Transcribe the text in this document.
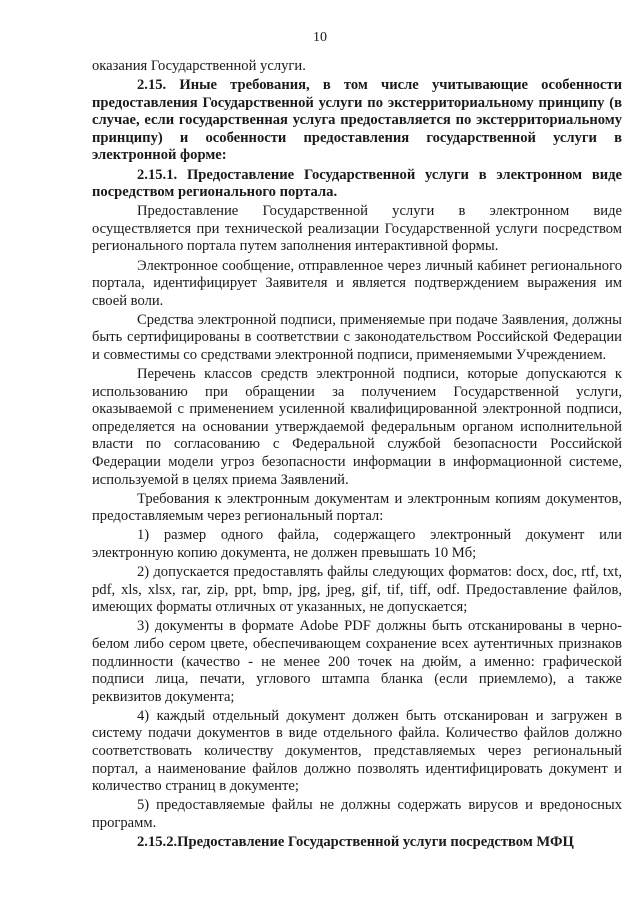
10

оказания Государственной услуги.

2.15. Иные требования, в том числе учитывающие особенности предоставления Государственной услуги по экстерриториальному принципу (в случае, если государственная услуга предоставляется по экстерриториальному принципу) и особенности предоставления государственной услуги в электронной форме:

2.15.1. Предоставление Государственной услуги в электронном виде посредством регионального портала.

Предоставление Государственной услуги в электронном виде осуществляется при технической реализации Государственной услуги посредством регионального портала путем заполнения интерактивной формы.

Электронное сообщение, отправленное через личный кабинет регионального портала, идентифицирует Заявителя и является подтверждением выражения им своей воли.

Средства электронной подписи, применяемые при подаче Заявления, должны быть сертифицированы в соответствии с законодательством Российской Федерации и совместимы со средствами электронной подписи, применяемыми Учреждением.

Перечень классов средств электронной подписи, которые допускаются к использованию при обращении за получением Государственной услуги, оказываемой с применением усиленной квалифицированной электронной подписи, определяется на основании утверждаемой федеральным органом исполнительной власти по согласованию с Федеральной службой безопасности Российской Федерации модели угроз безопасности информации в информационной системе, используемой в целях приема Заявлений.

Требования к электронным документам и электронным копиям документов, предоставляемым через региональный портал:

1) размер одного файла, содержащего электронный документ или электронную копию документа, не должен превышать 10 Мб;

2) допускается предоставлять файлы следующих форматов: docx, doc, rtf, txt, pdf, xls, xlsx, rar, zip, ppt, bmp, jpg, jpeg, gif, tif, tiff, odf. Предоставление файлов, имеющих форматы отличных от указанных, не допускается;

3) документы в формате Adobe PDF должны быть отсканированы в черно-белом либо сером цвете, обеспечивающем сохранение всех аутентичных признаков подлинности (качество - не менее 200 точек на дюйм, а именно: графической подписи лица, печати, углового штампа бланка (если приемлемо), а также реквизитов документа;

4) каждый отдельный документ должен быть отсканирован и загружен в систему подачи документов в виде отдельного файла. Количество файлов должно соответствовать количеству документов, представляемых через региональный портал, а наименование файлов должно позволять идентифицировать документ и количество страниц в документе;

5) предоставляемые файлы не должны содержать вирусов и вредоносных программ.

2.15.2.Предоставление Государственной услуги посредством МФЦ
